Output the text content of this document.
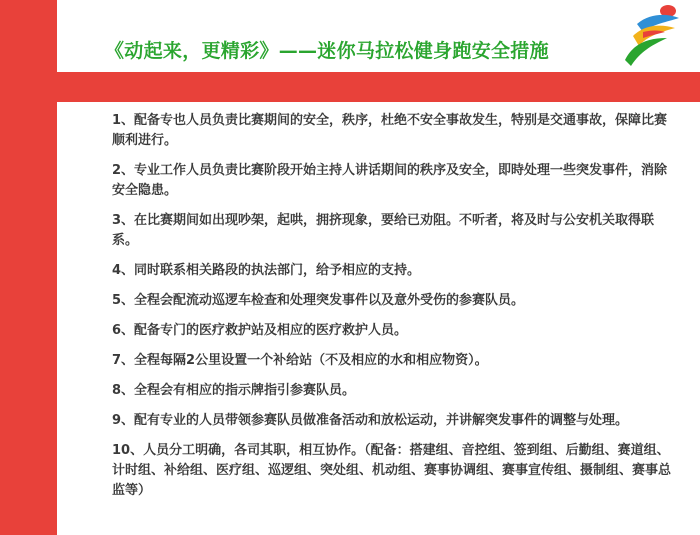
《动起来，更精彩》——迷你马拉松健身跑安全措施

1、配备专也人员负责比赛期间的安全，秩序，杜绝不安全事故发生，特别是交通事故，保障比赛顺利进行。

2、专业工作人员负责比赛阶段开始主持人讲话期间的秩序及安全，即時处理一些突发事件，消除 安全隐患。

3、在比赛期间如出现吵架，起哄，拥挤现象，要给已劝阻。不听者，将及时与公安机关取得联系。

4、同时联系相关路段的执法部门，给予相应的支持。

5、全程会配流动巡逻车检查和处理突发事件以及意外受伤的参赛队员。

6、配备专门的医疗救护站及相应的医疗救护人员。

7、全程每隔2公里设置一个补给站（不及相应的水和相应物资）。

8、全程会有相应的指示牌指引参赛队员。

9、配有专业的人员带领参赛队员做准备活动和放松运动，并讲解突发事件的调整与处理。

10、人员分工明确，各司其职，相互协作。（配备：搭建组、音控组、签到组、后勤组、赛道组、计时组、补给组、医疗组、巡逻组、突处组、机动组、赛事协调组、赛事宣传组、摄制组、赛事总监等）
